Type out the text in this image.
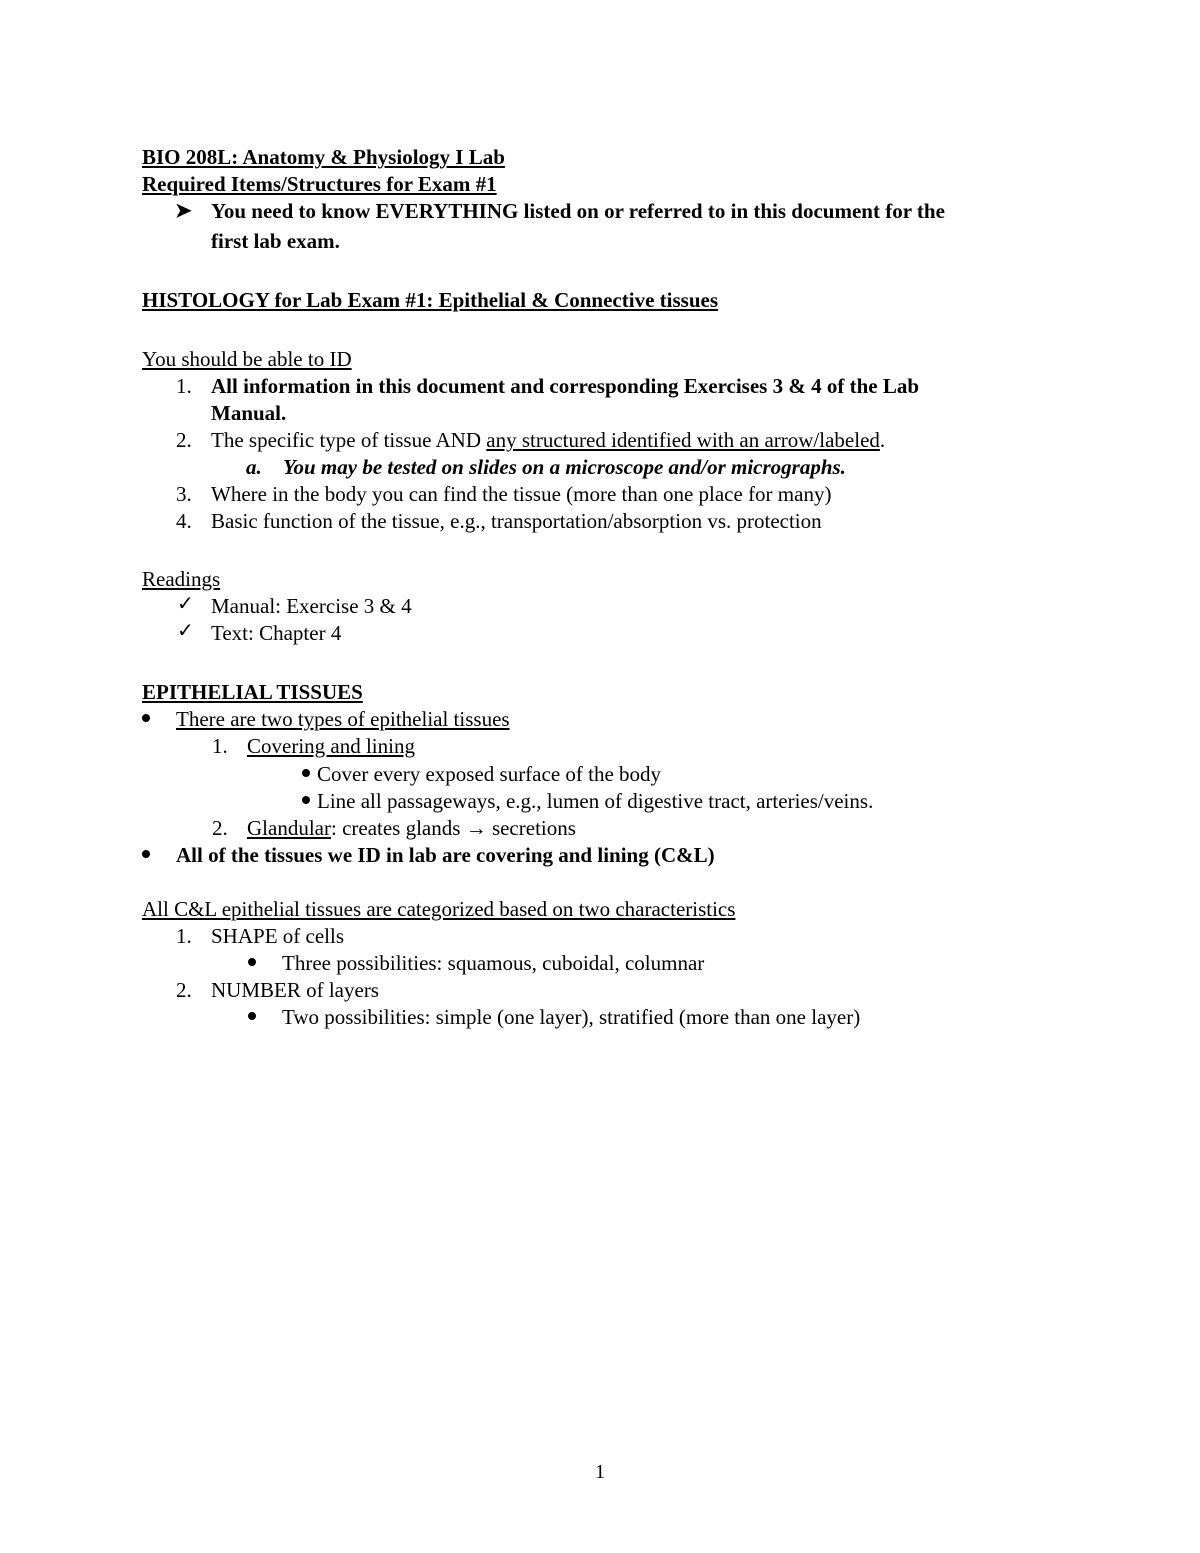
BIO 208L: Anatomy & Physiology I Lab
Required Items/Structures for Exam #1
➤ You need to know EVERYTHING listed on or referred to in this document for the
first lab exam.
HISTOLOGY for Lab Exam #1: Epithelial & Connective tissues
You should be able to ID
1. All information in this document and corresponding Exercises 3 & 4 of the Lab
Manual.
2. The specific type of tissue AND any structured identified with an arrow/labeled.
a. You may be tested on slides on a microscope and/or micrographs.
3. Where in the body you can find the tissue (more than one place for many)
4. Basic function of the tissue, e.g., transportation/absorption vs. protection
Readings
✓ Manual: Exercise 3 & 4
✓ Text: Chapter 4
EPITHELIAL TISSUES
There are two types of epithelial tissues
1. Covering and lining
Cover every exposed surface of the body
Line all passageways, e.g., lumen of digestive tract, arteries/veins.
2. Glandular: creates glands → secretions
All of the tissues we ID in lab are covering and lining (C&L)
All C&L epithelial tissues are categorized based on two characteristics
1. SHAPE of cells
Three possibilities: squamous, cuboidal, columnar
2. NUMBER of layers
Two possibilities: simple (one layer), stratified (more than one layer)
1
